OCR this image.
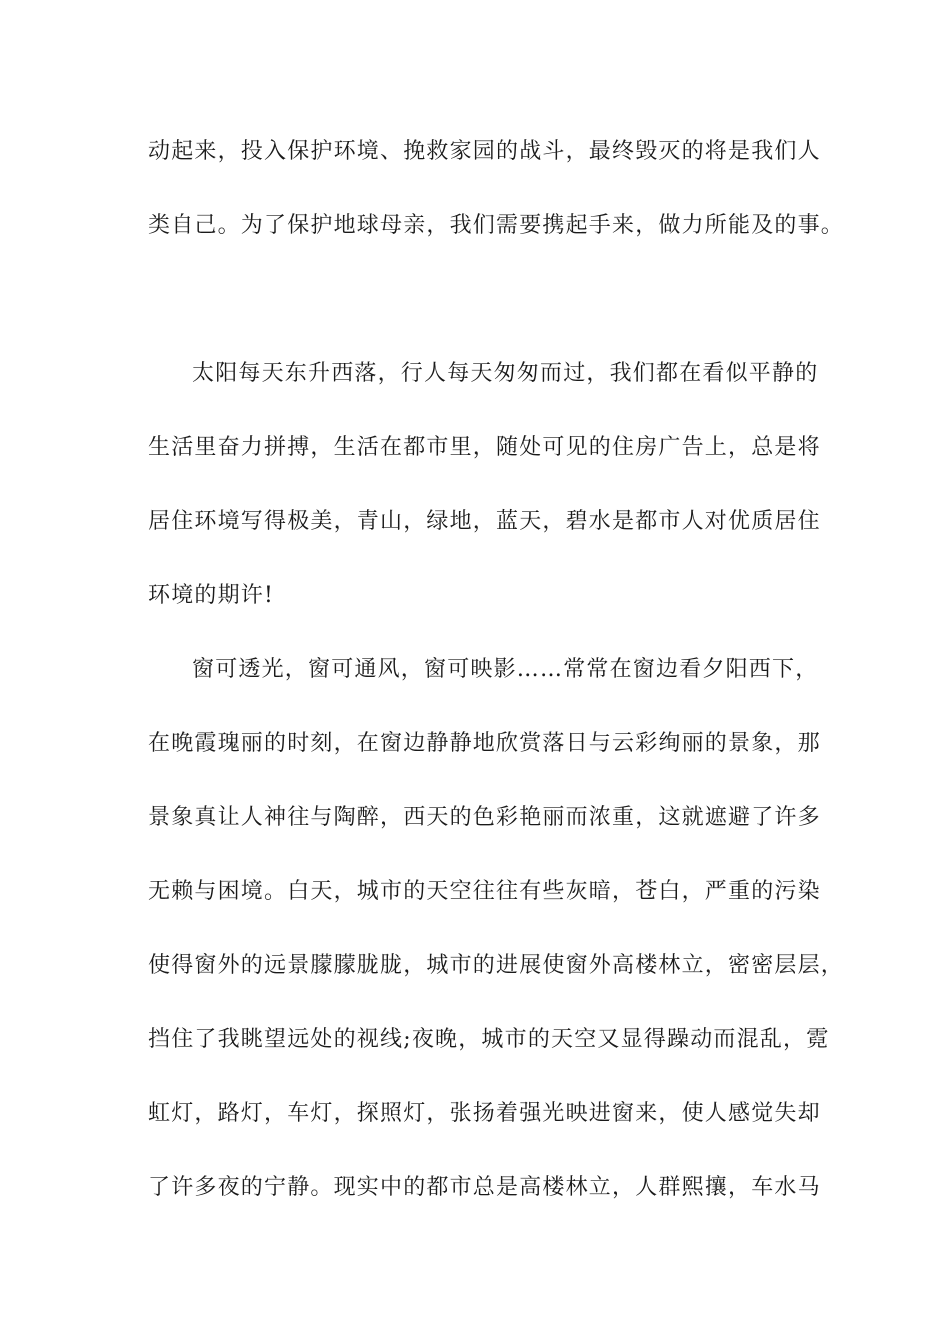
动起来，投入保护环境、挽救家园的战斗，最终毁灭的将是我们人

类自己。为了保护地球母亲，我们需要携起手来，做力所能及的事。

太阳每天东升西落，行人每天匆匆而过，我们都在看似平静的

生活里奋力拼搏，生活在都市里，随处可见的住房广告上，总是将

居住环境写得极美，青山，绿地，蓝天，碧水是都市人对优质居住

环境的期许!

窗可透光，窗可通风，窗可映影……常常在窗边看夕阳西下，

在晚霞瑰丽的时刻，在窗边静静地欣赏落日与云彩绚丽的景象，那

景象真让人神往与陶醉，西天的色彩艳丽而浓重，这就遮避了许多

无赖与困境。白天，城市的天空往往有些灰暗，苍白，严重的污染

使得窗外的远景朦朦胧胧，城市的进展使窗外高楼林立，密密层层，

挡住了我眺望远处的视线;夜晚，城市的天空又显得躁动而混乱，霓

虹灯，路灯，车灯，探照灯，张扬着强光映进窗来，使人感觉失却

了许多夜的宁静。现实中的都市总是高楼林立，人群熙攘，车水马
